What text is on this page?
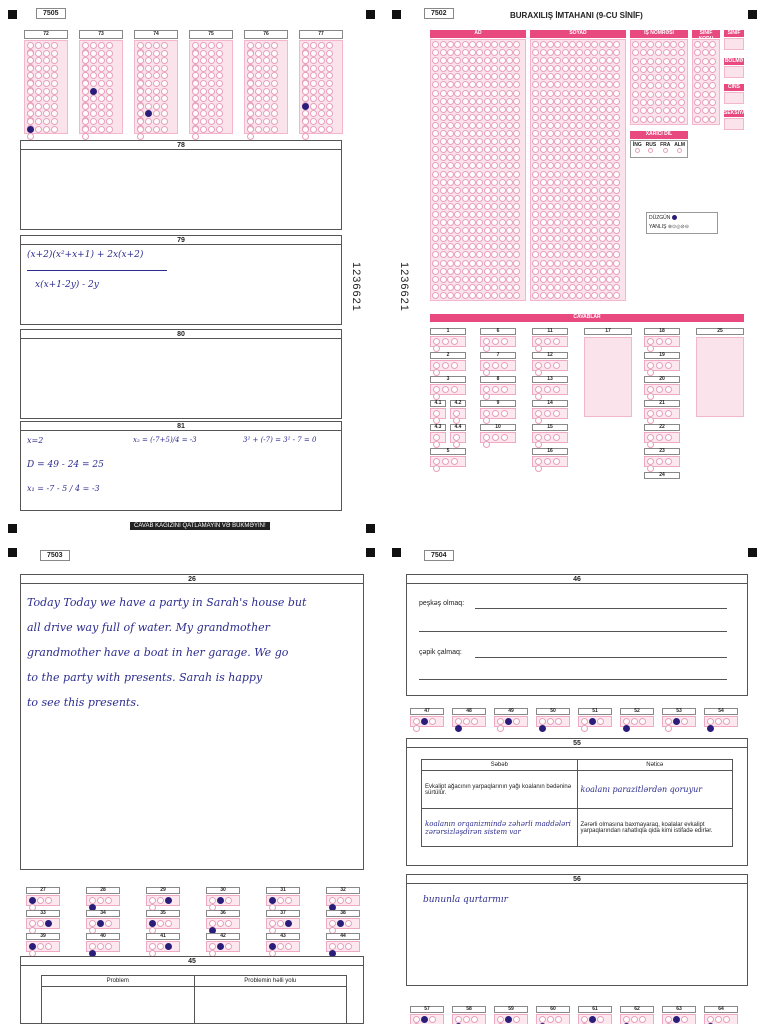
7505
72	73	74	75	76	77
78
79
(x+2)(x²+x+1) + 2x(x+2)
x(x+1-2y) - 2y
80
81
x=2	x₂ = (-7+5)/4 = -3	3² + (-7) = 3² - 7 = 0
D = 49 - 24 = 25
x₁ = -7 - 5 / 4 = -3
1236621
CAVAB KAĞIZINI QATLAMAYIN VƏ BÜKMƏYİN!
7502	BURAXILIŞ İMTAHANI (9-CU SİNİF)
1236621
AD	SOYAD	İŞ NÖMRƏSİ	SİNİF	SİNİF
BÖLMƏ
CİNS
SEKSİYA
XARİCİ DİL
İNG RUS FRA ALM

DÜZGÜN
YANLIŞ ⊗⊙◎⊘⊖
CAVABLAR
1
2
3
4.1	4.2
4.3	4.4
5
6
7
8
9
10
11
12
13
14
15
16
17	18
19
20
21
22
23
24
25
7503
26
Today Today we have a party in Sarah's house but
all drive way full of water. My grandmother
grandmother have a boat in her garage. We go
to the party with presents. Sarah is happy
to see this presents.
27	28	29	30	31	32
33	34	35	36	37	38
39	40	41	42	43	44
45
Problem	Problemin həlli yolu

7504
46
peşkəş olmaq:
çəpik çalmaq:
47	48	49	50	51	52	53	54
55
Səbəb	Nəticə
Evkalipt ağacının yarpaqlarının yağı koalanın bədəninə sürtülür.	koalanı parazitlərdən qoruyur
koalanın orqanizmində zəhərli maddələri zərərsizləşdirən sistem var	Zərərli olmasına baxmayaraq, koalalar evkalipt yarpaqlarından rahatlıqla qida kimi istifadə edirlər.
56
bununla qurtarmır
57	58	59	60	61	62	63	64
